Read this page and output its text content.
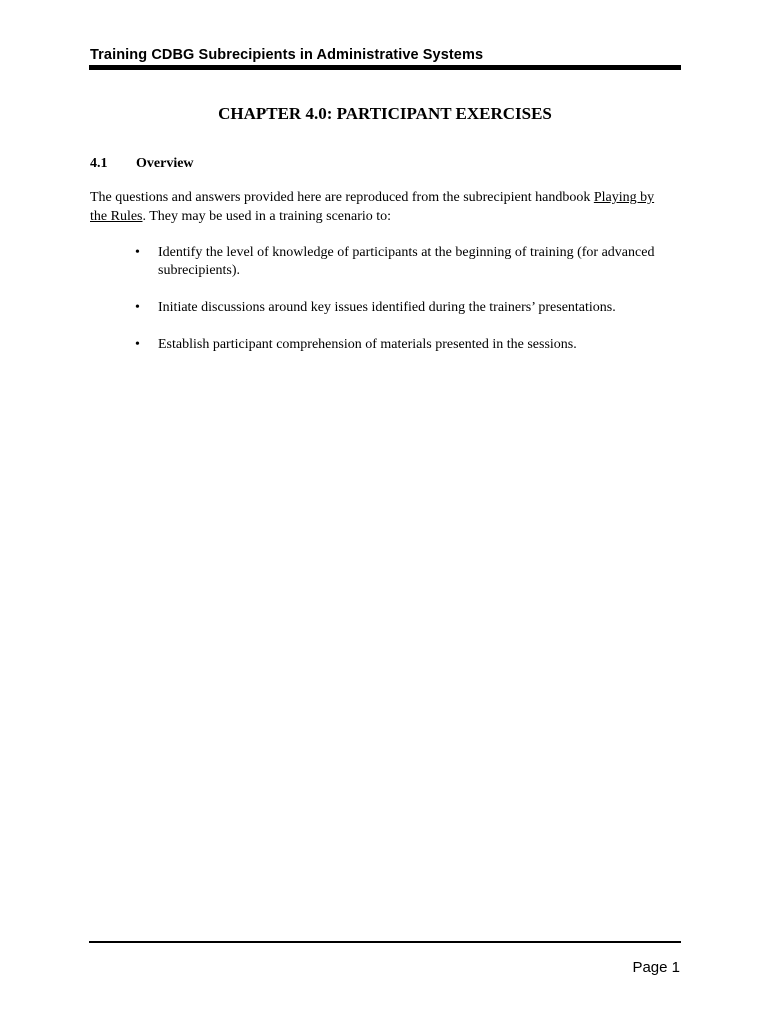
Training CDBG Subrecipients in Administrative Systems
CHAPTER 4.0: PARTICIPANT EXERCISES
4.1 Overview
The questions and answers provided here are reproduced from the subrecipient handbook Playing by the Rules. They may be used in a training scenario to:
•	Identify the level of knowledge of participants at the beginning of training (for advanced subrecipients).
•	Initiate discussions around key issues identified during the trainers’ presentations.
•	Establish participant comprehension of materials presented in the sessions.
Page 1
